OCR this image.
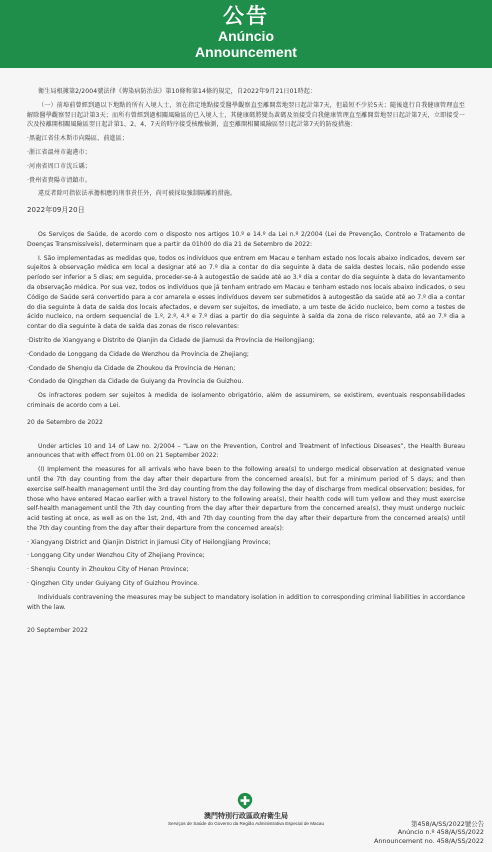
公告
Anúncio
Announcement

衛生局根據第2/2004號法律《傳染病防治法》第10條和第14條的規定，自2022年9月21日01時起：

（一）前埠前曾經到過以下地點的所有入境人士，須在指定地點接受醫學觀察直至離開當地翌日起計第7天，但最短不少於5天；隨後進行自我健康管理直至解除醫學觀察翌日起計第3天；而所有曾經到過相關風險區的已入境人士，其健康碼將變為黃碼及須接受自我健康管理直至離開當地翌日起計第7天，立即接受一次及按離開相關風險區翌日起計第1、2、4、7天的時序接受核酸檢測，直至離開相關風險區翌日起計第7天的防疫措施：

‧黑龍江省佳木斯市向陽區、前進區；

‧浙江省溫州市龍港市；

‧河南省周口市沈丘縣；

‧貴州省貴陽市清鎮市。

違反者除可指依法承擔相應的刑事責任外，尚可被採取強制隔離的措施。

2022年09月20日

Os Serviços de Saúde, de acordo com o disposto nos artigos 10.º e 14.º da Lei n.º 2/2004 (Lei de Prevenção, Controlo e Tratamento de Doenças Transmissíveis), determinam que a partir da 01h00 do dia 21 de Setembro de 2022:

I. São implementadas as medidas que, todos os indivíduos que entrem em Macau e tenham estado nos locais abaixo indicados, devem ser sujeitos à observação médica em local a designar até ao 7.º dia a contar do dia seguinte à data de saída destes locais, não podendo esse período ser inferior a 5 dias; em seguida, proceder-se-á à autogestão de saúde até ao 3.º dia a contar do dia seguinte à data do levantamento da observação médica. Por sua vez, todos os indivíduos que já tenham entrado em Macau e tenham estado nos locais abaixo indicados, o seu Código de Saúde será convertido para a cor amarela e esses indivíduos devem ser submetidos à autogestão da saúde até ao 7.º dia a contar do dia seguinte à data de saída dos locais afectados, e devem ser sujeitos, de imediato, a um teste de ácido nucleico, bem como a testes de ácido nucleico, na ordem sequencial de 1.º, 2.º, 4.º e 7.º dias a partir do dia seguinte à saída da zona de risco relevante, até ao 7.º dia a contar do dia seguinte à data de saída das zonas de risco relevantes:

‧Distrito de Xiangyang e Distrito de Qianjin da Cidade de Jiamusi da Província de Heilongjiang;

‧Condado de Longgang da Cidade de Wenzhou da Província de Zhejiang;

‧Condado de Shenqiu da Cidade de Zhoukou da Província de Henan;

‧Condado de Qingzhen da Cidade de Guiyang da Província de Guizhou.

Os infractores podem ser sujeitos à medida de isolamento obrigatório, além de assumirem, se existirem, eventuais responsabilidades criminais de acordo com a Lei.

20 de Setembro de 2022

Under articles 10 and 14 of Law no. 2/2004 – “Law on the Prevention, Control and Treatment of Infectious Diseases”, the Health Bureau announces that with effect from 01.00 on 21 September 2022:

(I) Implement the measures for all arrivals who have been to the following area(s) to undergo medical observation at designated venue until the 7th day counting from the day after their departure from the concerned area(s), but for a minimum period of 5 days; and then exercise self-health management until the 3rd day counting from the day following the day of discharge from medical observation; besides, for those who have entered Macao earlier with a travel history to the following area(s), their health code will turn yellow and they must exercise self-health management until the 7th day counting from the day after their departure from the concerned area(s), they must undergo nucleic acid testing at once, as well as on the 1st, 2nd, 4th and 7th day counting from the day after their departure from the concerned area(s) until the 7th day counting from the day after their departure from the concerned area(s):

‧ Xiangyang District and Qianjin District in Jiamusi City of Heilongjiang Province;

‧ Longgang City under Wenzhou City of Zhejiang Province;

‧ Shenqiu County in Zhoukou City of Henan Province;

‧ Qingzhen City under Guiyang City of Guizhou Province.

Individuals contravening the measures may be subject to mandatory isolation in addition to corresponding criminal liabilities in accordance with the law.

20 September 2022

澳門特別行政區政府衛生局
Serviços de Saúde do Governo da Região Administrativa Especial de Macau	第458/A/SS/2022號公告
Anúncio n.º 458/A/SS/2022
Announcement no. 458/A/SS/2022
